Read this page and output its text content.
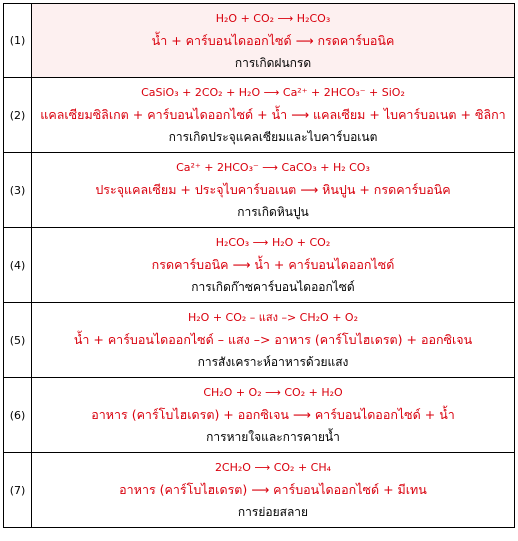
(1)	H₂O + CO₂ ⟶ H₂CO₃
น้ำ + คาร์บอนไดออกไซด์ ⟶ กรดคาร์บอนิค
การเกิดฝนกรด

(2)	CaSiO₃ + 2CO₂ + H₂O ⟶ Ca²⁺ + 2HCO₃⁻ + SiO₂
แคลเซียมซิลิเกต + คาร์บอนไดออกไซด์ + น้ำ ⟶ แคลเซียม + ไบคาร์บอเนต + ซิลิกา
การเกิดประจุแคลเซียมและไบคาร์บอเนต

(3)	Ca²⁺ + 2HCO₃⁻ ⟶ CaCO₃ + H₂ CO₃
ประจุแคลเซียม + ประจุไบคาร์บอเนต ⟶ หินปูน + กรดคาร์บอนิค
การเกิดหินปูน

(4)	H₂CO₃ ⟶ H₂O + CO₂
กรดคาร์บอนิค ⟶ น้ำ + คาร์บอนไดออกไซด์
การเกิดก๊าซคาร์บอนไดออกไซด์

(5)	H₂O + CO₂ – แสง –> CH₂O + O₂
น้ำ + คาร์บอนไดออกไซด์ – แสง –> อาหาร (คาร์โบไฮเดรต) + ออกซิเจน
การสังเคราะห์อาหารด้วยแสง

(6)	CH₂O + O₂ ⟶ CO₂ + H₂O
อาหาร (คาร์โบไฮเดรต) + ออกซิเจน ⟶ คาร์บอนไดออกไซด์ + น้ำ
การหายใจและการคายน้ำ

(7)	2CH₂O ⟶ CO₂ + CH₄
อาหาร (คาร์โบไฮเดรต) ⟶ คาร์บอนไดออกไซด์ + มีเทน
การย่อยสลาย
